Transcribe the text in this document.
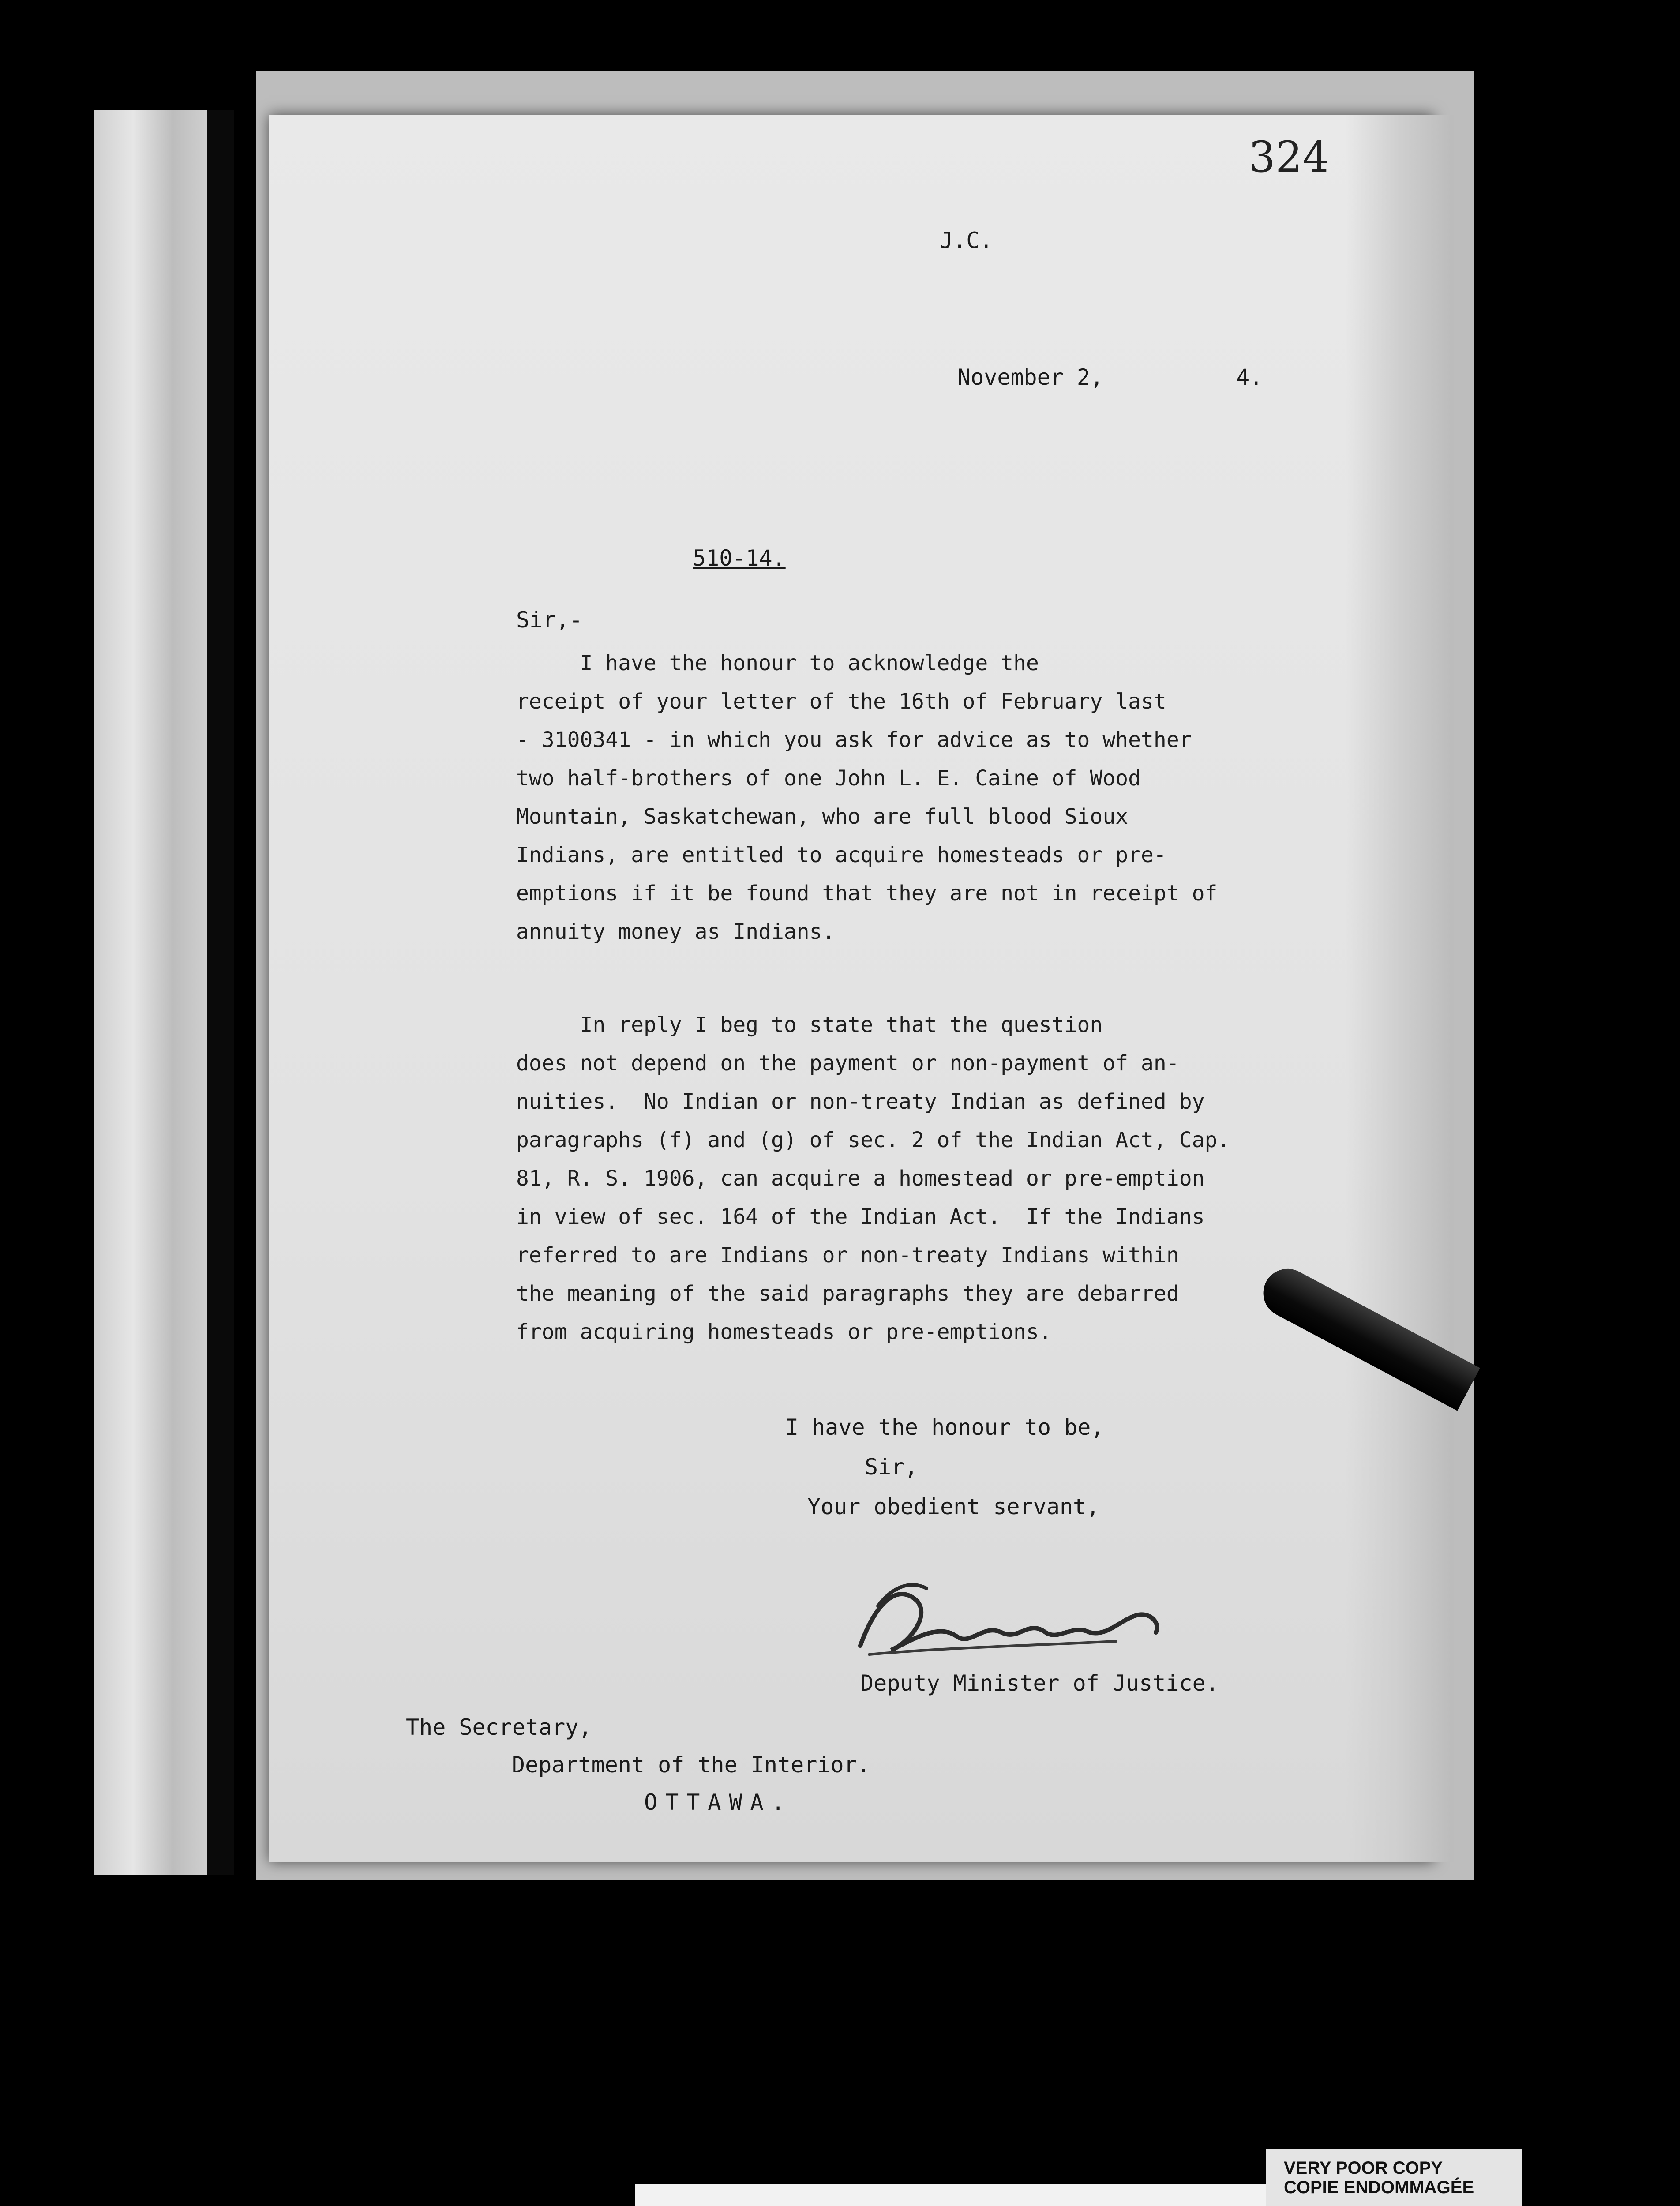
324
J.C.
November 2,          4.
510-14.
Sir,-
I have the honour to acknowledge the
receipt of your letter of the 16th of February last
- 3100341 - in which you ask for advice as to whether
two half-brothers of one John L. E. Caine of Wood
Mountain, Saskatchewan, who are full blood Sioux
Indians, are entitled to acquire homesteads or pre-
emptions if it be found that they are not in receipt of
annuity money as Indians.
In reply I beg to state that the question
does not depend on the payment or non-payment of an-
nuities.  No Indian or non-treaty Indian as defined by
paragraphs (f) and (g) of sec. 2 of the Indian Act, Cap.
81, R. S. 1906, can acquire a homestead or pre-emption
in view of sec. 164 of the Indian Act.  If the Indians
referred to are Indians or non-treaty Indians within
the meaning of the said paragraphs they are debarred
from acquiring homesteads or pre-emptions.
I have the honour to be,
Sir,
Your obedient servant,
Deputy Minister of Justice.
The Secretary,
Department of the Interior.
OTTAWA.
VERY POOR COPY
COPIE ENDOMMAGÉE
